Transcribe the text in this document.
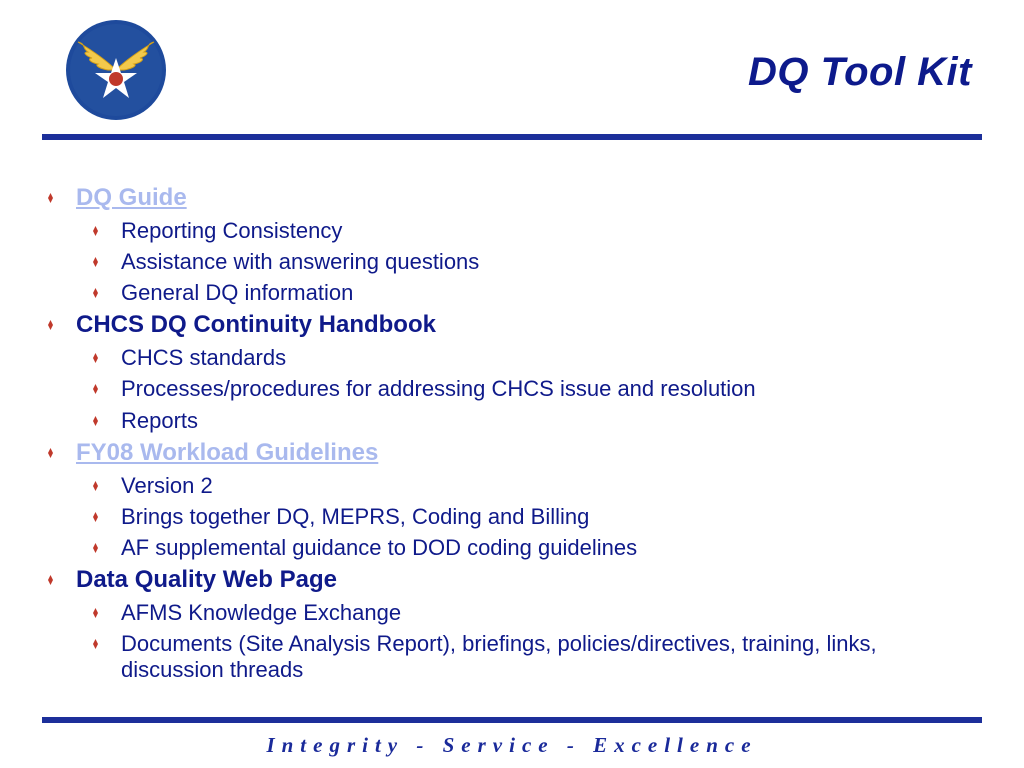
DQ Tool Kit
DQ Guide
Reporting Consistency
Assistance with answering questions
General DQ information
CHCS DQ Continuity Handbook
CHCS standards
Processes/procedures for addressing CHCS issue and resolution
Reports
FY08 Workload Guidelines
Version 2
Brings together DQ, MEPRS, Coding and Billing
AF supplemental guidance to DOD coding guidelines
Data Quality Web Page
AFMS Knowledge Exchange
Documents (Site Analysis Report), briefings, policies/directives, training, links, discussion threads
Integrity - Service - Excellence
